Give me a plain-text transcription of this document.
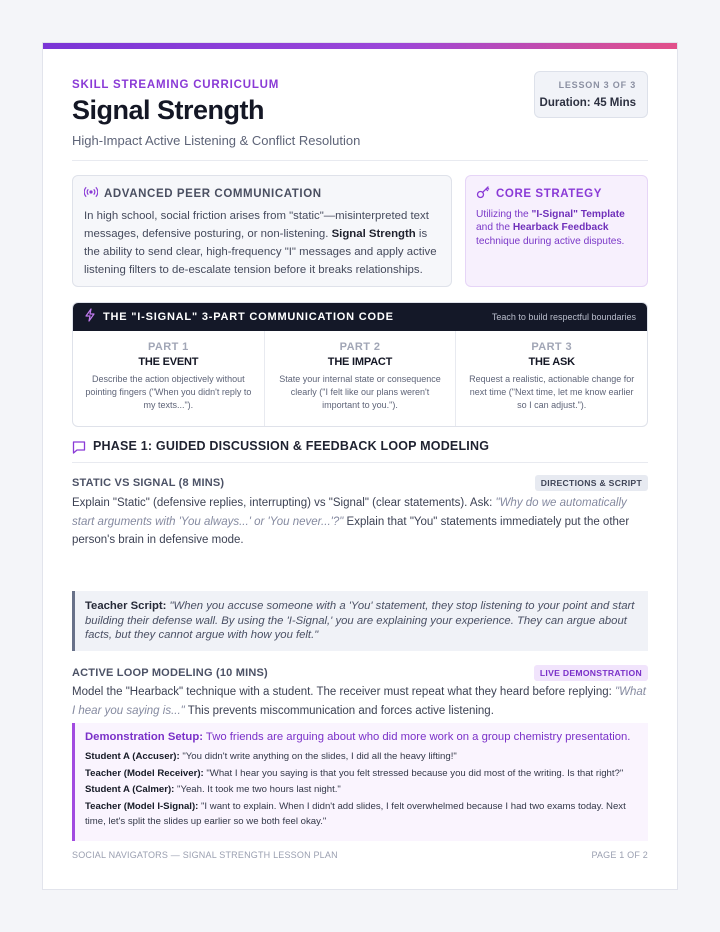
SKILL STREAMING CURRICULUM
Signal Strength
High-Impact Active Listening & Conflict Resolution
LESSON 3 OF 3
Duration: 45 Mins
ADVANCED PEER COMMUNICATION
In high school, social friction arises from "static"—misinterpreted text messages, defensive posturing, or non-listening. Signal Strength is the ability to send clear, high-frequency "I" messages and apply active listening filters to de-escalate tension before it breaks relationships.
CORE STRATEGY
Utilizing the "I-Signal" Template and the Hearback Feedback technique during active disputes.
THE "I-SIGNAL" 3-PART COMMUNICATION CODE	Teach to build respectful boundaries
PART 1
THE EVENT
Describe the action objectively without pointing fingers ("When you didn't reply to my texts...").
PART 2
THE IMPACT
State your internal state or consequence clearly ("I felt like our plans weren't important to you.").
PART 3
THE ASK
Request a realistic, actionable change for next time ("Next time, let me know earlier so I can adjust.").
PHASE 1: GUIDED DISCUSSION & FEEDBACK LOOP MODELING
STATIC VS SIGNAL (8 MINS)	DIRECTIONS & SCRIPT
Explain "Static" (defensive replies, interrupting) vs "Signal" (clear statements). Ask: "Why do we automatically start arguments with 'You always...' or 'You never...'?" Explain that "You" statements immediately put the other person's brain in defensive mode.
Teacher Script: "When you accuse someone with a 'You' statement, they stop listening to your point and start building their defense wall. By using the 'I-Signal,' you are explaining your experience. They can argue about facts, but they cannot argue with how you felt."
ACTIVE LOOP MODELING (10 MINS)	LIVE DEMONSTRATION
Model the "Hearback" technique with a student. The receiver must repeat what they heard before replying: "What I hear you saying is..." This prevents miscommunication and forces active listening.
Demonstration Setup: Two friends are arguing about who did more work on a group chemistry presentation.
Student A (Accuser): "You didn't write anything on the slides, I did all the heavy lifting!"
Teacher (Model Receiver): "What I hear you saying is that you felt stressed because you did most of the writing. Is that right?"
Student A (Calmer): "Yeah. It took me two hours last night."
Teacher (Model I-Signal): "I want to explain. When I didn't add slides, I felt overwhelmed because I had two exams today. Next time, let's split the slides up earlier so we both feel okay."
SOCIAL NAVIGATORS — SIGNAL STRENGTH LESSON PLAN	PAGE 1 OF 2
